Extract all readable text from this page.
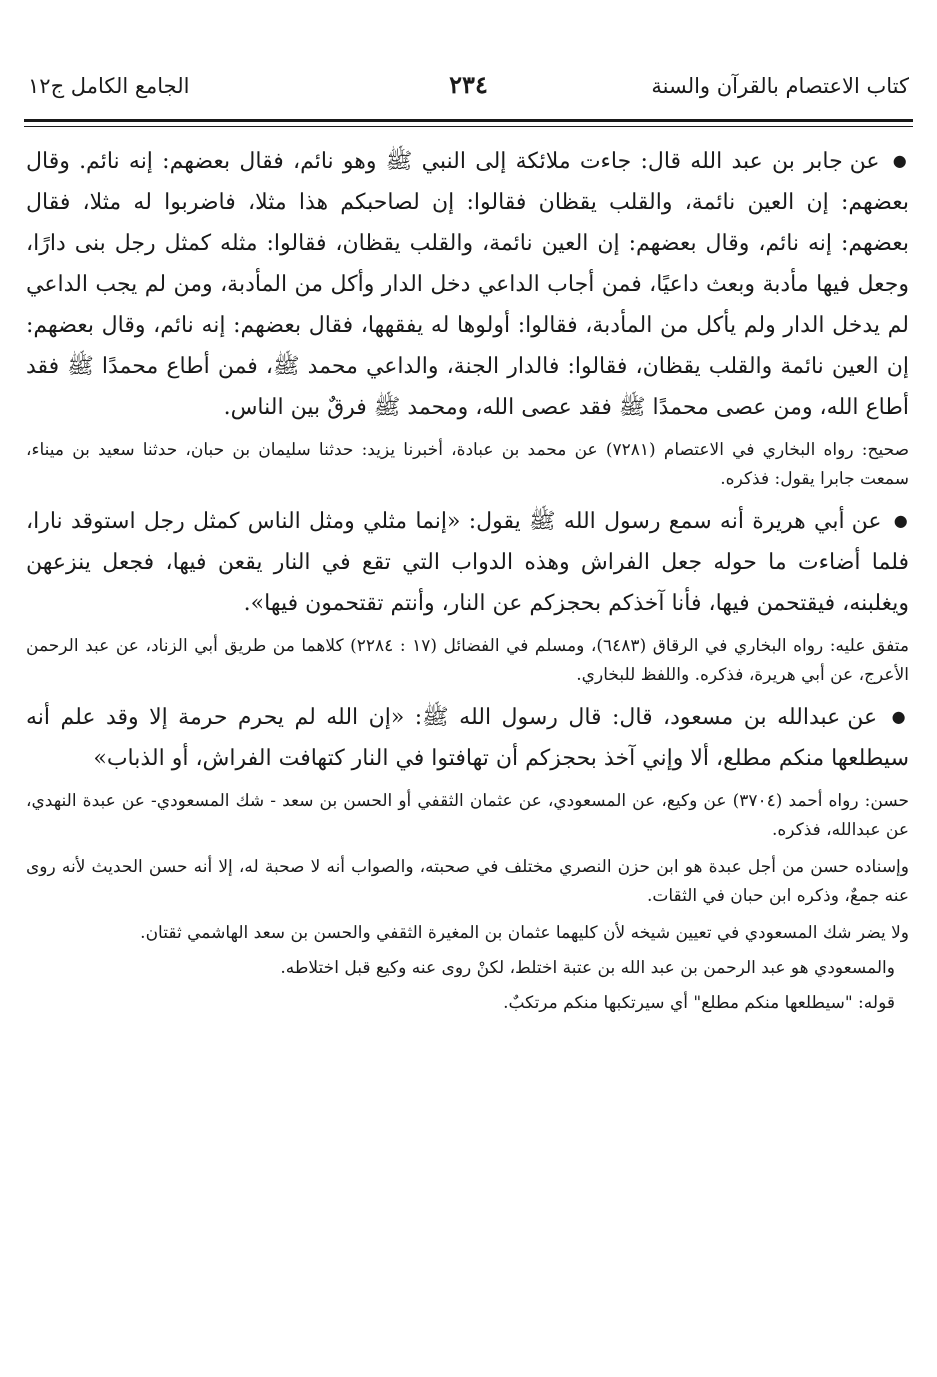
كتاب الاعتصام بالقرآن والسنة
٢٣٤
الجامع الكامل ج١٢

● عن جابر بن عبد الله قال: جاءت ملائكة إلى النبي ﷺ وهو نائم، فقال بعضهم: إنه نائم. وقال بعضهم: إن العين نائمة، والقلب يقظان فقالوا: إن لصاحبكم هذا مثلا، فاضربوا له مثلا، فقال بعضهم: إنه نائم، وقال بعضهم: إن العين نائمة، والقلب يقظان، فقالوا: مثله كمثل رجل بنى دارًا، وجعل فيها مأدبة وبعث داعيًا، فمن أجاب الداعي دخل الدار وأكل من المأدبة، ومن لم يجب الداعي لم يدخل الدار ولم يأكل من المأدبة، فقالوا: أولوها له يفقهها، فقال بعضهم: إنه نائم، وقال بعضهم: إن العين نائمة والقلب يقظان، فقالوا: فالدار الجنة، والداعي محمد ﷺ، فمن أطاع محمدًا ﷺ فقد أطاع الله، ومن عصى محمدًا ﷺ فقد عصى الله، ومحمد ﷺ فرقٌ بين الناس.

صحيح: رواه البخاري في الاعتصام (٧٢٨١) عن محمد بن عبادة، أخبرنا يزيد: حدثنا سليمان بن حبان، حدثنا سعيد بن ميناء، سمعت جابرا يقول: فذكره.

● عن أبي هريرة أنه سمع رسول الله ﷺ يقول: «إنما مثلي ومثل الناس كمثل رجل استوقد نارا، فلما أضاءت ما حوله جعل الفراش وهذه الدواب التي تقع في النار يقعن فيها، فجعل ينزعهن ويغلبنه، فيقتحمن فيها، فأنا آخذكم بحجزكم عن النار، وأنتم تقتحمون فيها».

متفق عليه: رواه البخاري في الرقاق (٦٤٨٣)، ومسلم في الفضائل (١٧ : ٢٢٨٤) كلاهما من طريق أبي الزناد، عن عبد الرحمن الأعرج، عن أبي هريرة، فذكره. واللفظ للبخاري.

● عن عبدالله بن مسعود، قال: قال رسول الله ﷺ: «إن الله لم يحرم حرمة إلا وقد علم أنه سيطلعها منكم مطلع، ألا وإني آخذ بحجزكم أن تهافتوا في النار كتهافت الفراش، أو الذباب»

حسن: رواه أحمد (٣٧٠٤) عن وكيع، عن المسعودي، عن عثمان الثقفي أو الحسن بن سعد - شك المسعودي- عن عبدة النهدي، عن عبدالله، فذكره.

وإسناده حسن من أجل عبدة هو ابن حزن النصري مختلف في صحبته، والصواب أنه لا صحبة له، إلا أنه حسن الحديث لأنه روى عنه جمعٌ، وذكره ابن حبان في الثقات.

ولا يضر شك المسعودي في تعيين شيخه لأن كليهما عثمان بن المغيرة الثقفي والحسن بن سعد الهاشمي ثقتان.

والمسعودي هو عبد الرحمن بن عبد الله بن عتبة اختلط، لكنْ روى عنه وكيع قبل اختلاطه.

قوله: "سيطلعها منكم مطلع" أي سيرتكبها منكم مرتكبٌ.
